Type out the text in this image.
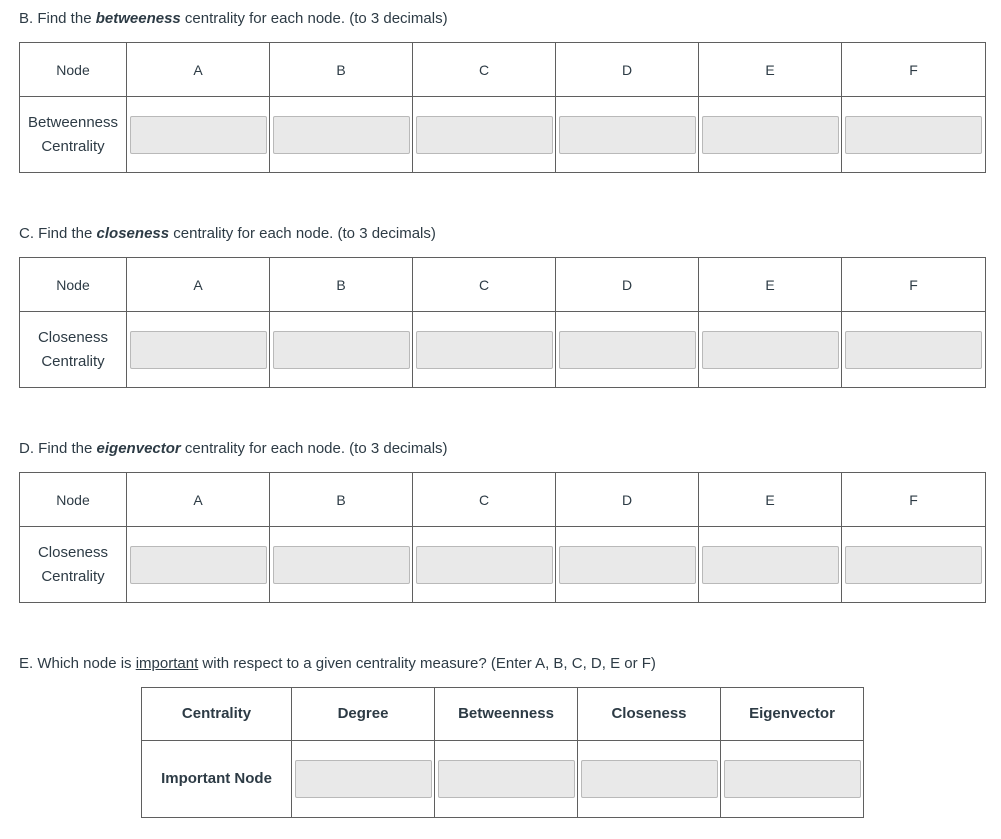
B. Find the betweeness centrality for each node. (to 3 decimals)
Node	A	B	C	D	E	F
Betweenness
Centrality	

C. Find the closeness centrality for each node. (to 3 decimals)
Node	A	B	C	D	E	F
Closeness
Centrality	

D. Find the eigenvector centrality for each node. (to 3 decimals)
Node	A	B	C	D	E	F
Closeness
Centrality	

E. Which node is important with respect to a given centrality measure? (Enter A, B, C, D, E or F)
Centrality	Degree	Betweenness	Closeness	Eigenvector
Important Node	
